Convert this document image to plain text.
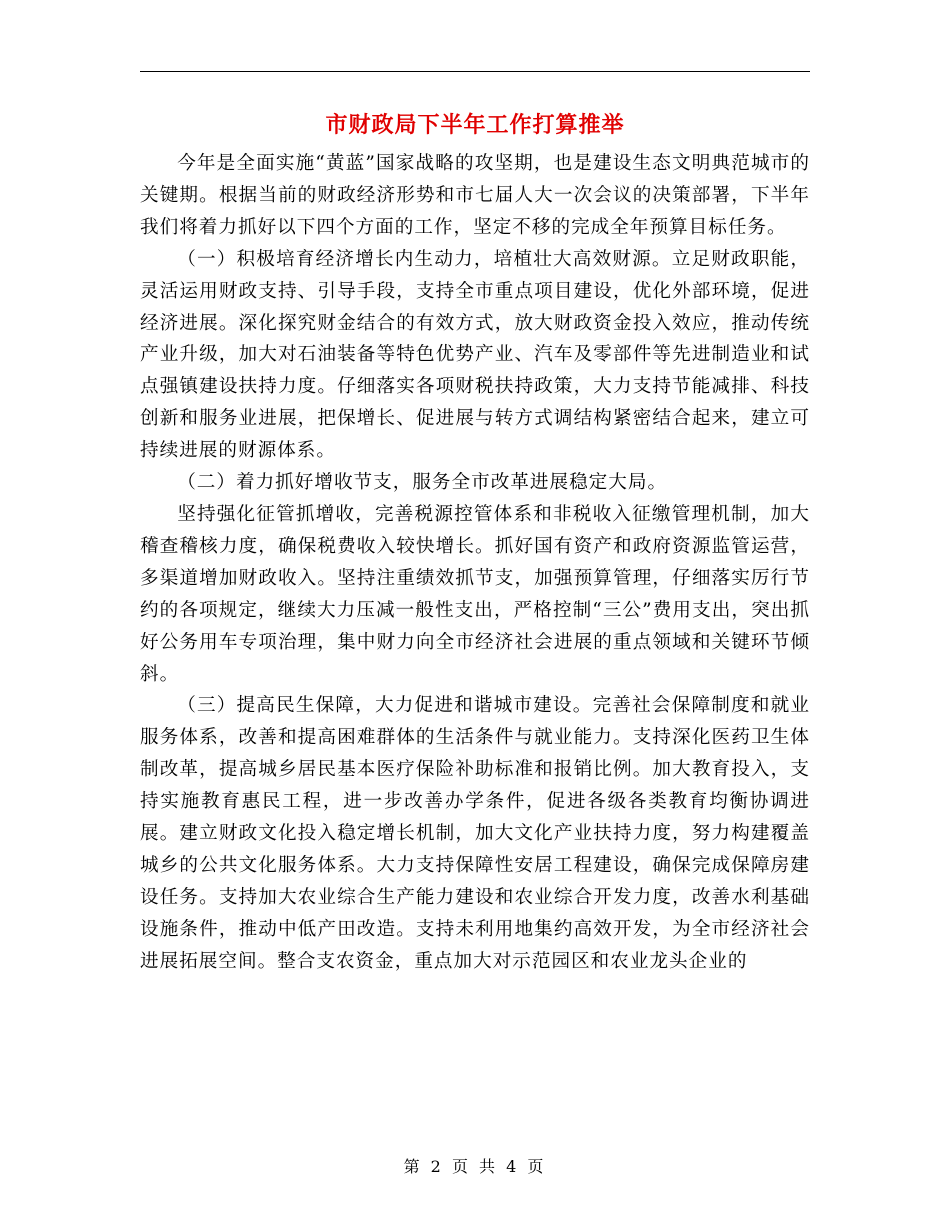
市财政局下半年工作打算推举

今年是全面实施“黄蓝”国家战略的攻坚期，也是建设生态文明典范城市的关键期。根据当前的财政经济形势和市七届人大一次会议的决策部署，下半年我们将着力抓好以下四个方面的工作，坚定不移的完成全年预算目标任务。

（一）积极培育经济增长内生动力，培植壮大高效财源。立足财政职能，灵活运用财政支持、引导手段，支持全市重点项目建设，优化外部环境，促进经济进展。深化探究财金结合的有效方式，放大财政资金投入效应，推动传统产业升级，加大对石油装备等特色优势产业、汽车及零部件等先进制造业和试点强镇建设扶持力度。仔细落实各项财税扶持政策，大力支持节能减排、科技创新和服务业进展，把保增长、促进展与转方式调结构紧密结合起来，建立可持续进展的财源体系。

（二）着力抓好增收节支，服务全市改革进展稳定大局。

坚持强化征管抓增收，完善税源控管体系和非税收入征缴管理机制，加大稽查稽核力度，确保税费收入较快增长。抓好国有资产和政府资源监管运营，多渠道增加财政收入。坚持注重绩效抓节支，加强预算管理，仔细落实厉行节约的各项规定，继续大力压减一般性支出，严格控制“三公”费用支出，突出抓好公务用车专项治理，集中财力向全市经济社会进展的重点领域和关键环节倾斜。

（三）提高民生保障，大力促进和谐城市建设。完善社会保障制度和就业服务体系，改善和提高困难群体的生活条件与就业能力。支持深化医药卫生体制改革，提高城乡居民基本医疗保险补助标准和报销比例。加大教育投入，支持实施教育惠民工程，进一步改善办学条件，促进各级各类教育均衡协调进展。建立财政文化投入稳定增长机制，加大文化产业扶持力度，努力构建覆盖城乡的公共文化服务体系。大力支持保障性安居工程建设，确保完成保障房建设任务。支持加大农业综合生产能力建设和农业综合开发力度，改善水利基础设施条件，推动中低产田改造。支持未利用地集约高效开发，为全市经济社会进展拓展空间。整合支农资金，重点加大对示范园区和农业龙头企业的

第 2 页 共 4 页
